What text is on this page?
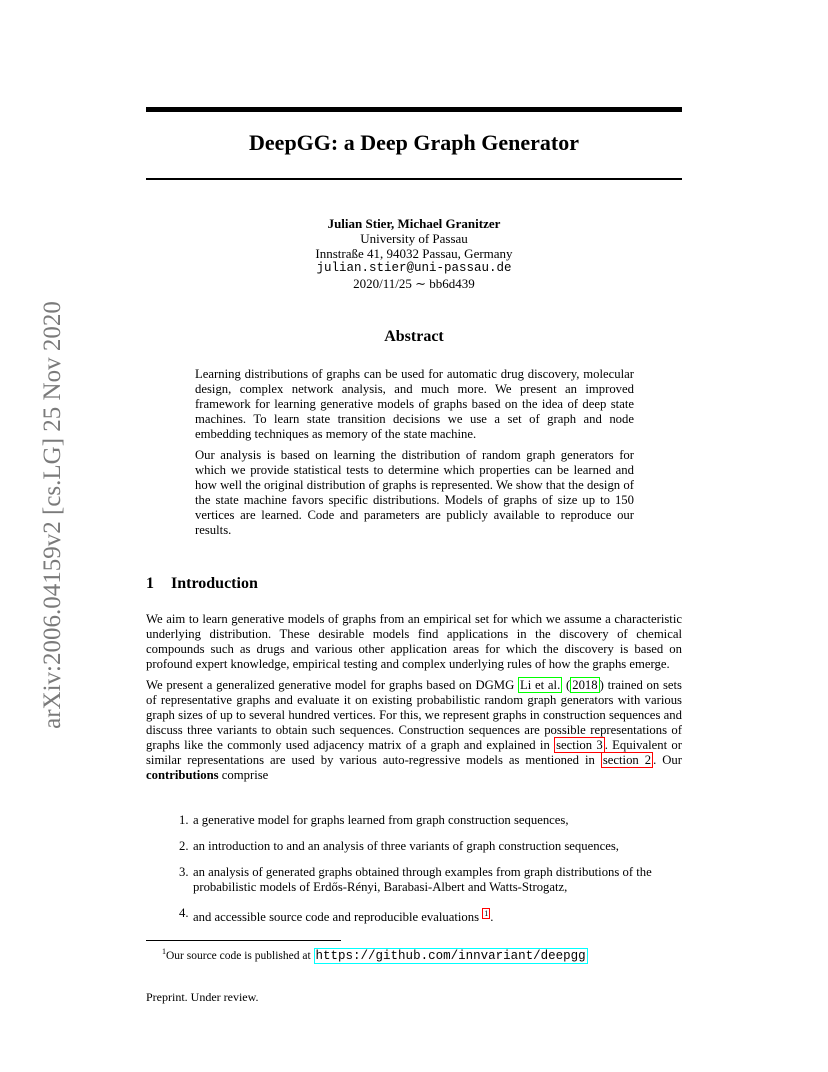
arXiv:2006.04159v2 [cs.LG] 25 Nov 2020
DeepGG: a Deep Graph Generator
Julian Stier, Michael Granitzer
University of Passau
Innstraße 41, 94032 Passau, Germany
julian.stier@uni-passau.de
2020/11/25 ∼ bb6d439
Abstract

Learning distributions of graphs can be used for automatic drug discovery, molecular design, complex network analysis, and much more. We present an improved framework for learning generative models of graphs based on the idea of deep state machines. To learn state transition decisions we use a set of graph and node embedding techniques as memory of the state machine.

Our analysis is based on learning the distribution of random graph generators for which we provide statistical tests to determine which properties can be learned and how well the original distribution of graphs is represented. We show that the design of the state machine favors specific distributions. Models of graphs of size up to 150 vertices are learned. Code and parameters are publicly available to reproduce our results.

1 Introduction

We aim to learn generative models of graphs from an empirical set for which we assume a characteristic underlying distribution. These desirable models find applications in the discovery of chemical compounds such as drugs and various other application areas for which the discovery is based on profound expert knowledge, empirical testing and complex underlying rules of how the graphs emerge.

We present a generalized generative model for graphs based on DGMG Li et al. ( 2018 ) trained on sets of representative graphs and evaluate it on existing probabilistic random graph generators with various graph sizes of up to several hundred vertices. For this, we represent graphs in construction sequences and discuss three variants to obtain such sequences. Construction sequences are possible representations of graphs like the commonly used adjacency matrix of a graph and explained in section 3 . Equivalent or similar representations are used by various auto-regressive models as mentioned in section 2 . Our contributions comprise

1. a generative model for graphs learned from graph construction sequences,
2. an introduction to and an analysis of three variants of graph construction sequences,
3. an analysis of generated graphs obtained through examples from graph distributions of the probabilistic models of Erdős-Rényi, Barabasi-Albert and Watts-Strogatz,
4. and accessible source code and reproducible evaluations $^1$ .
$^1$Our source code is published at https://github.com/innvariant/deepgg
Preprint. Under review.
